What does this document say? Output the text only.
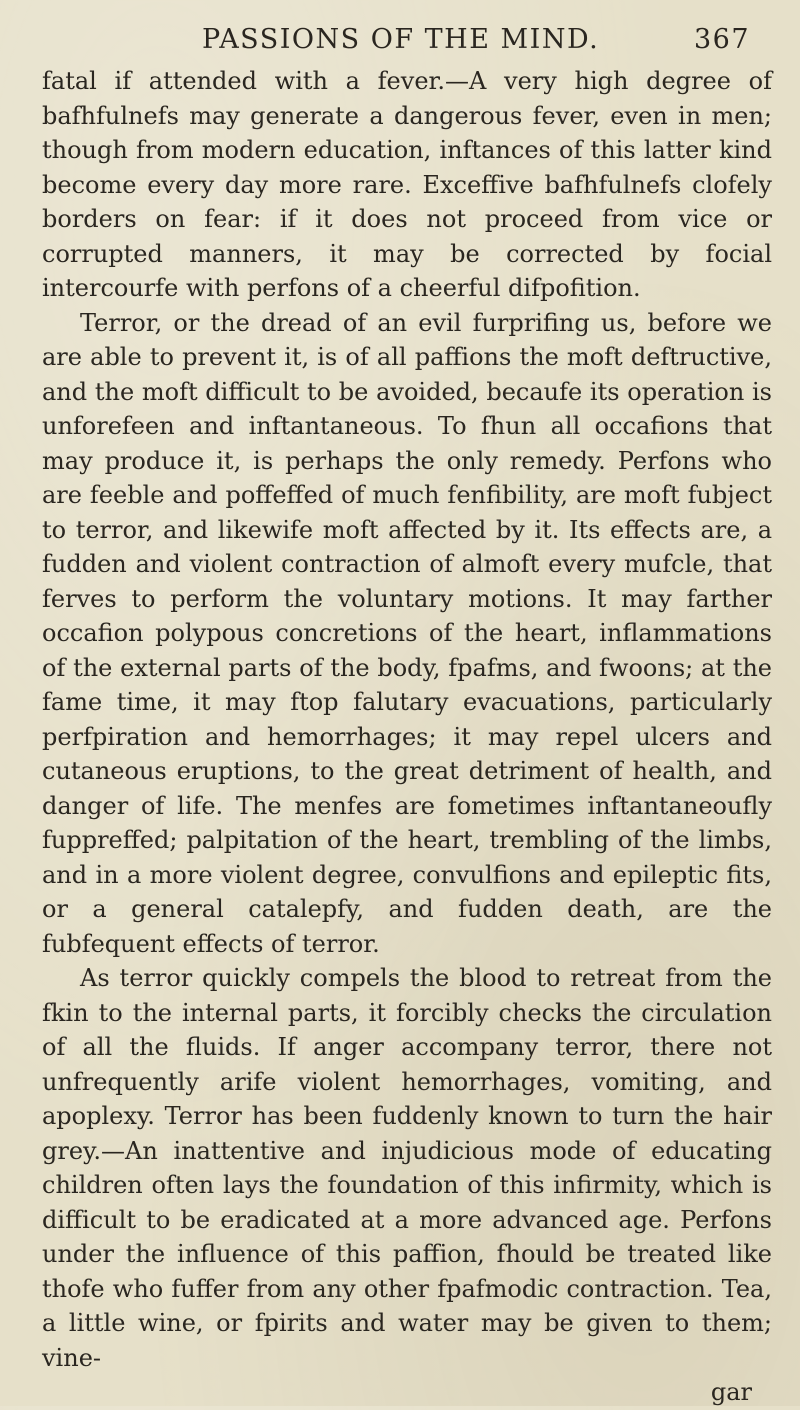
PASSIONS OF THE MIND.	367

fatal if attended with a fever.—A very high degree of bafhfulnefs may generate a dangerous fever, even in men; though from modern education, inftances of this latter kind become every day more rare. Exceffive bafhfulnefs clofely borders on fear: if it does not proceed from vice or corrupted manners, it may be corrected by focial intercourfe with perfons of a cheerful difpofition.

Terror, or the dread of an evil furprifing us, before we are able to prevent it, is of all paffions the moft deftructive, and the moft difficult to be avoided, becaufe its operation is unforefeen and inftantaneous. To fhun all occafions that may produce it, is perhaps the only remedy. Perfons who are feeble and poffeffed of much fenfibility, are moft fubject to terror, and likewife moft affected by it. Its effects are, a fudden and violent contraction of almoft every mufcle, that ferves to perform the voluntary motions. It may farther occafion polypous concretions of the heart, inflammations of the external parts of the body, fpafms, and fwoons; at the fame time, it may ftop falutary evacuations, particularly perfpiration and hemorrhages; it may repel ulcers and cutaneous eruptions, to the great detriment of health, and danger of life. The menfes are fometimes inftantaneoufly fuppreffed; palpitation of the heart, trembling of the limbs, and in a more violent degree, convulfions and epileptic fits, or a general catalepfy, and fudden death, are the fubfequent effects of terror.

As terror quickly compels the blood to retreat from the fkin to the internal parts, it forcibly checks the circulation of all the fluids. If anger accompany terror, there not unfrequently arife violent hemorrhages, vomiting, and apoplexy. Terror has been fuddenly known to turn the hair grey.—An inattentive and injudicious mode of educating children often lays the foundation of this infirmity, which is difficult to be eradicated at a more advanced age. Perfons under the influence of this paffion, fhould be treated like thofe who fuffer from any other fpafmodic contraction. Tea, a little wine, or fpirits and water may be given to them; vine-

gar
